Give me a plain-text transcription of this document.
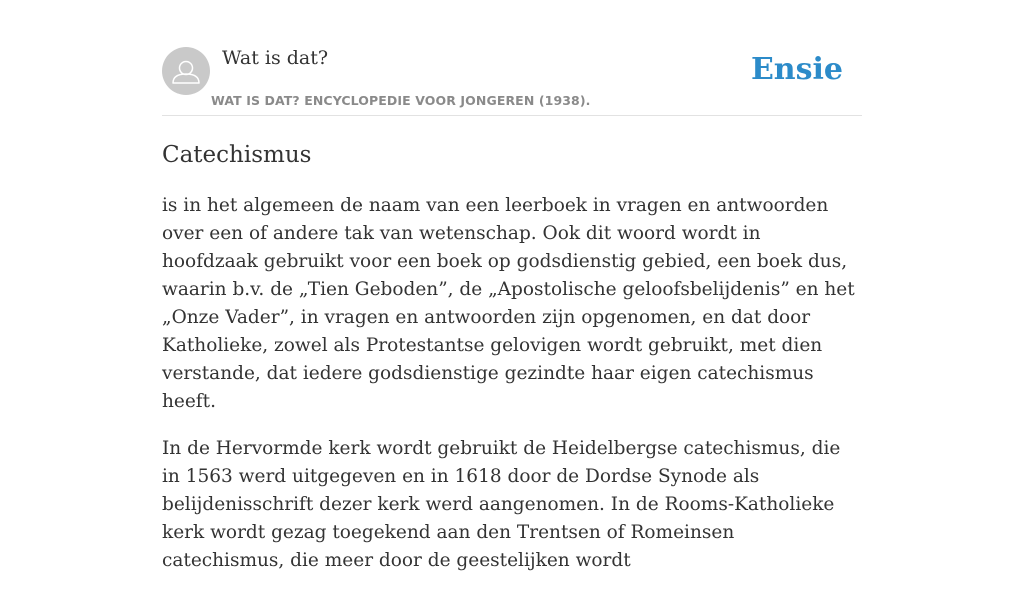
Wat is dat?
WAT IS DAT? ENCYCLOPEDIE VOOR JONGEREN (1938).
Ensie
Catechismus

is in het algemeen de naam van een leerboek in vragen en antwoorden over een of andere tak van wetenschap. Ook dit woord wordt in hoofdzaak gebruikt voor een boek op godsdienstig gebied, een boek dus, waarin b.v. de „Tien Geboden”, de „Apostolische geloofsbelijdenis” en het „Onze Vader”, in vragen en antwoorden zijn opgenomen, en dat door Katholieke, zowel als Protestantse gelovigen wordt gebruikt, met dien verstande, dat iedere godsdienstige gezindte haar eigen catechismus heeft.

In de Hervormde kerk wordt gebruikt de Heidelbergse catechismus, die in 1563 werd uitgegeven en in 1618 door de Dordse Synode als belijdenisschrift dezer kerk werd aangenomen. In de Rooms-Katholieke kerk wordt gezag toegekend aan den Trentsen of Romeinsen catechismus, die meer door de geestelijken wordt
